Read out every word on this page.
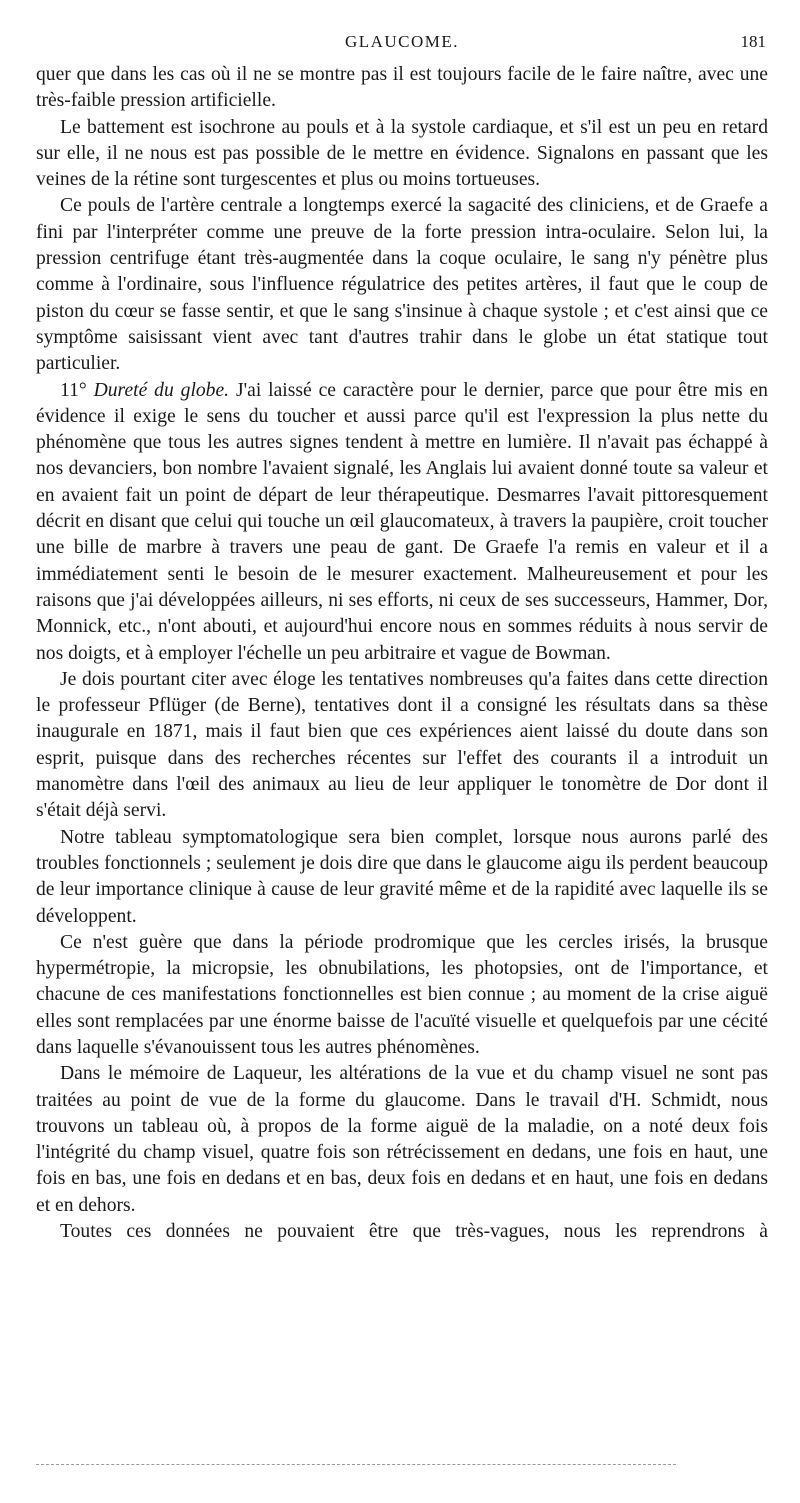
GLAUCOME.	181

quer que dans les cas où il ne se montre pas il est toujours facile de le faire naître, avec une très-faible pression artificielle.

Le battement est isochrone au pouls et à la systole cardiaque, et s'il est un peu en retard sur elle, il ne nous est pas possible de le mettre en évidence. Signalons en passant que les veines de la rétine sont turgescentes et plus ou moins tortueuses.

Ce pouls de l'artère centrale a longtemps exercé la sagacité des cliniciens, et de Graefe a fini par l'interpréter comme une preuve de la forte pression intra-oculaire. Selon lui, la pression centrifuge étant très-augmentée dans la coque oculaire, le sang n'y pénètre plus comme à l'ordinaire, sous l'influence régulatrice des petites artères, il faut que le coup de piston du cœur se fasse sentir, et que le sang s'insinue à chaque systole ; et c'est ainsi que ce symptôme saisissant vient avec tant d'autres trahir dans le globe un état statique tout particulier.

11° Dureté du globe. J'ai laissé ce caractère pour le dernier, parce que pour être mis en évidence il exige le sens du toucher et aussi parce qu'il est l'expression la plus nette du phénomène que tous les autres signes tendent à mettre en lumière. Il n'avait pas échappé à nos devanciers, bon nombre l'avaient signalé, les Anglais lui avaient donné toute sa valeur et en avaient fait un point de départ de leur thérapeutique. Desmarres l'avait pittoresquement décrit en disant que celui qui touche un œil glaucomateux, à travers la paupière, croit toucher une bille de marbre à travers une peau de gant. De Graefe l'a remis en valeur et il a immédiatement senti le besoin de le mesurer exactement. Malheureusement et pour les raisons que j'ai développées ailleurs, ni ses efforts, ni ceux de ses successeurs, Hammer, Dor, Monnick, etc., n'ont abouti, et aujourd'hui encore nous en sommes réduits à nous servir de nos doigts, et à employer l'échelle un peu arbitraire et vague de Bowman.

Je dois pourtant citer avec éloge les tentatives nombreuses qu'a faites dans cette direction le professeur Pflüger (de Berne), tentatives dont il a consigné les résultats dans sa thèse inaugurale en 1871, mais il faut bien que ces expériences aient laissé du doute dans son esprit, puisque dans des recherches récentes sur l'effet des courants il a introduit un manomètre dans l'œil des animaux au lieu de leur appliquer le tonomètre de Dor dont il s'était déjà servi.

Notre tableau symptomatologique sera bien complet, lorsque nous aurons parlé des troubles fonctionnels ; seulement je dois dire que dans le glaucome aigu ils perdent beaucoup de leur importance clinique à cause de leur gravité même et de la rapidité avec laquelle ils se développent.

Ce n'est guère que dans la période prodromique que les cercles irisés, la brusque hypermétropie, la micropsie, les obnubilations, les photopsies, ont de l'importance, et chacune de ces manifestations fonctionnelles est bien connue ; au moment de la crise aiguë elles sont remplacées par une énorme baisse de l'acuïté visuelle et quelquefois par une cécité dans laquelle s'évanouissent tous les autres phénomènes.

Dans le mémoire de Laqueur, les altérations de la vue et du champ visuel ne sont pas traitées au point de vue de la forme du glaucome. Dans le travail d'H. Schmidt, nous trouvons un tableau où, à propos de la forme aiguë de la maladie, on a noté deux fois l'intégrité du champ visuel, quatre fois son rétrécissement en dedans, une fois en haut, une fois en bas, une fois en dedans et en bas, deux fois en dedans et en haut, une fois en dedans et en dehors.

Toutes ces données ne pouvaient être que très-vagues, nous les reprendrons à
